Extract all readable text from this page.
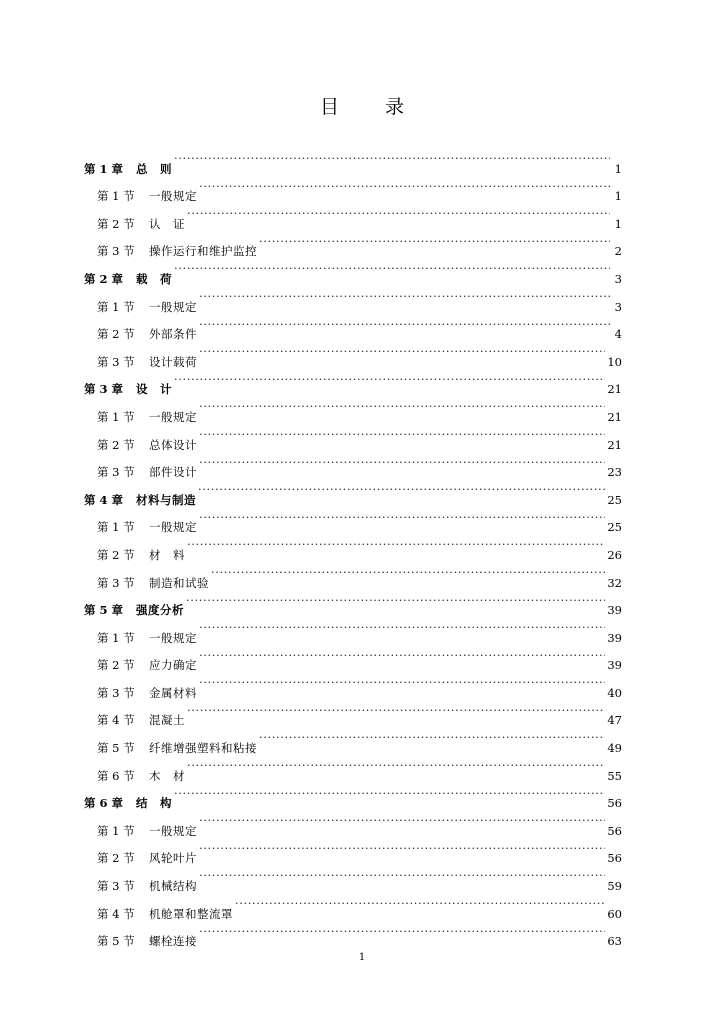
目 录
第 1 章	总　则 ·····	1
第 1 节	一般规定 ·····	1
第 2 节	认　证 ·····	1
第 3 节	操作运行和维护监控 ·····	2
第 2 章	载　荷 ·····	3
第 1 节	一般规定 ·····	3
第 2 节	外部条件 ·····	4
第 3 节	设计载荷 ·····	10
第 3 章	设　计 ·····	21
第 1 节	一般规定 ·····	21
第 2 节	总体设计 ·····	21
第 3 节	部件设计 ·····	23
第 4 章	材料与制造 ·····	25
第 1 节	一般规定 ·····	25
第 2 节	材　料 ·····	26
第 3 节	制造和试验 ·····	32
第 5 章	强度分析 ·····	39
第 1 节	一般规定 ·····	39
第 2 节	应力确定 ·····	39
第 3 节	金属材料 ·····	40
第 4 节	混凝土 ·····	47
第 5 节	纤维增强塑料和粘接 ·····	49
第 6 节	木　材 ·····	55
第 6 章	结　构 ·····	56
第 1 节	一般规定 ·····	56
第 2 节	风轮叶片 ·····	56
第 3 节	机械结构 ·····	59
第 4 节	机舱罩和整流罩 ·····	60
第 5 节	螺栓连接 ·····	63
1
